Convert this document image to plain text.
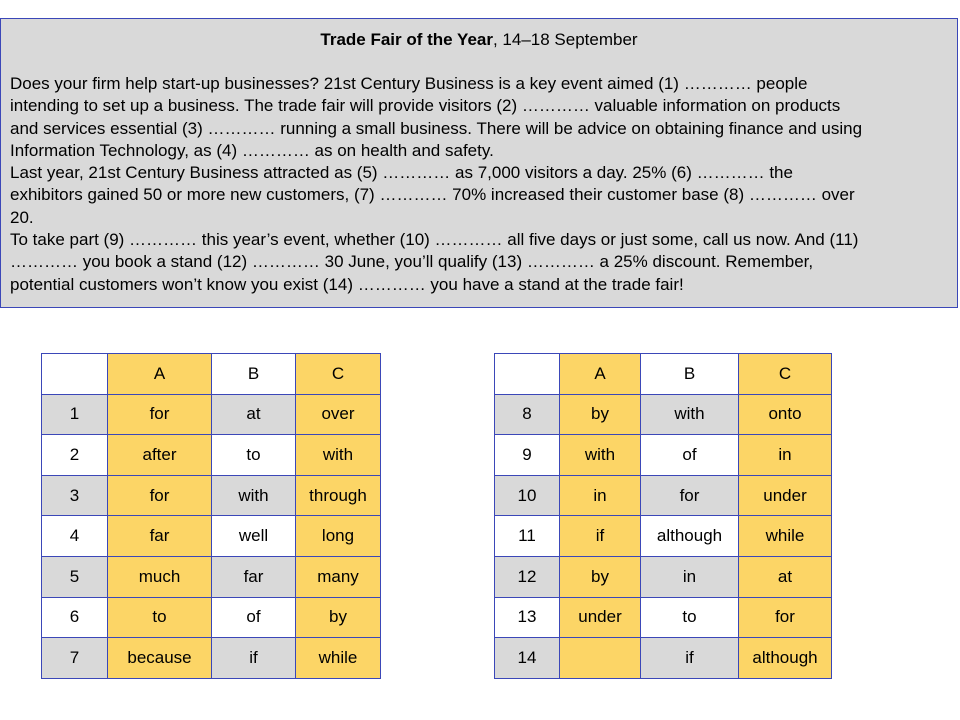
Trade Fair of the Year, 14–18 September

Does your firm help start-up businesses? 21st Century Business is a key event aimed (1) ………… people

intending to set up a business. The trade fair will provide visitors (2) ………… valuable information on products

and services essential (3) ………… running a small business. There will be advice on obtaining finance and using

Information Technology, as (4) ………… as on health and safety.

Last year, 21st Century Business attracted as (5) ………… as 7,000 visitors a day. 25% (6) ………… the

exhibitors gained 50 or more new customers, (7) ………… 70% increased their customer base (8) ………… over

20.

To take part (9) ………… this year’s event, whether (10) ………… all five days or just some, call us now. And (11)

………… you book a stand (12) ………… 30 June, you’ll qualify (13) ………… a 25% discount. Remember,

potential customers won’t know you exist (14) ………… you have a stand at the trade fair!

	A	B	C
1	for	at	over
2	after	to	with
3	for	with	through
4	far	well	long
5	much	far	many
6	to	of	by
7	because	if	while
	A	B	C
8	by	with	onto
9	with	of	in
10	in	for	under
11	if	although	while
12	by	in	at
13	under	to	for
14		if	although
